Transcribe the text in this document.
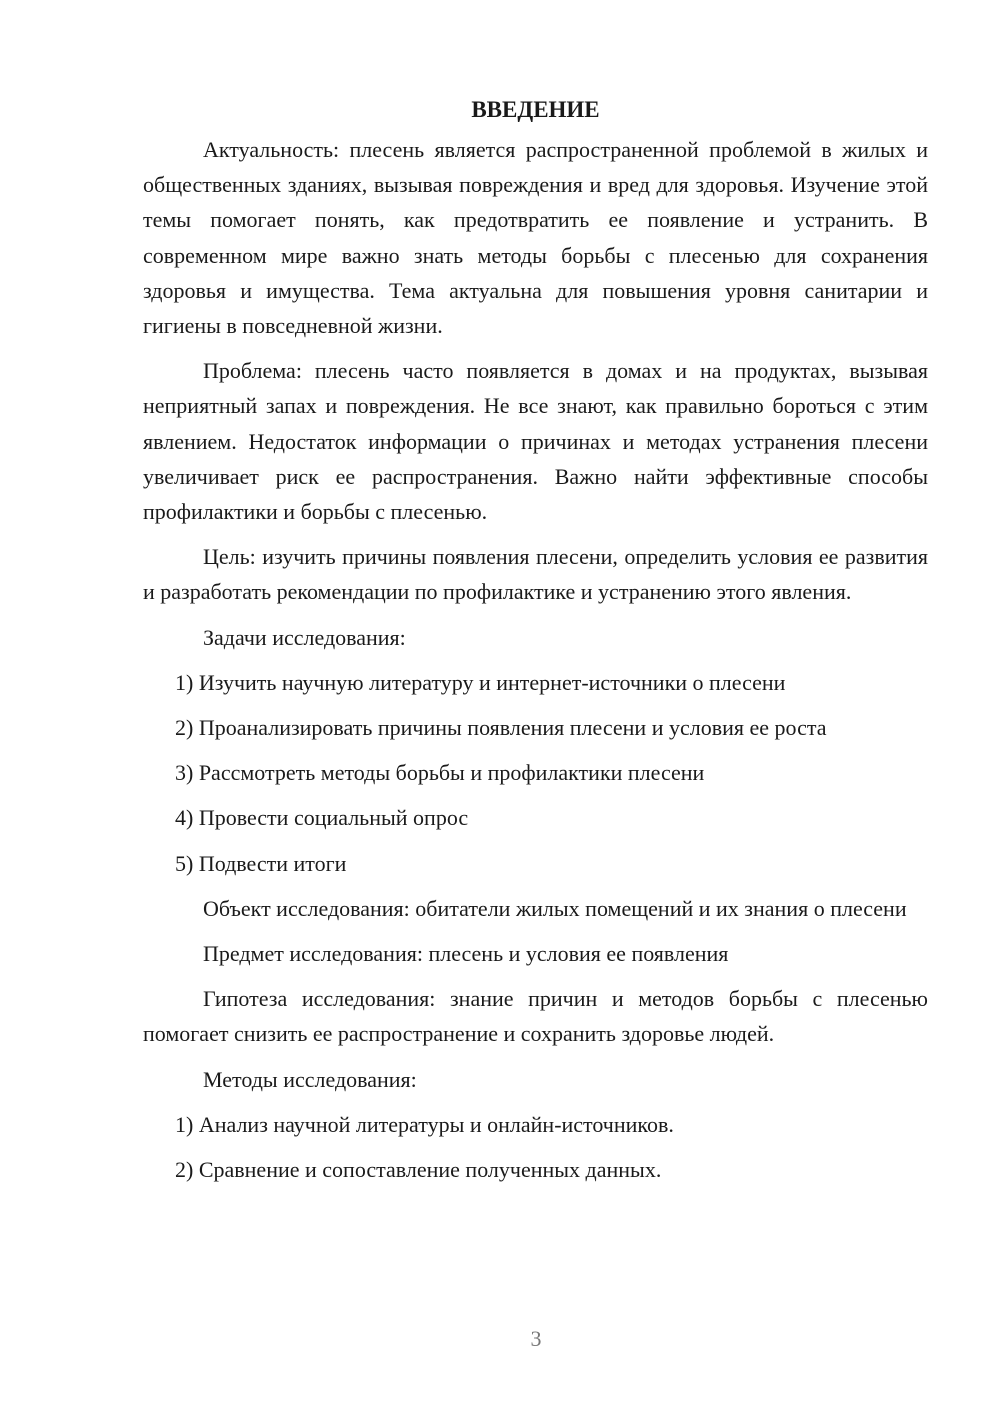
ВВЕДЕНИЕ

Актуальность: плесень является распространенной проблемой в жилых и общественных зданиях, вызывая повреждения и вред для здоровья. Изучение этой темы помогает понять, как предотвратить ее появление и устранить. В современном мире важно знать методы борьбы с плесенью для сохранения здоровья и имущества. Тема актуальна для повышения уровня санитарии и гигиены в повседневной жизни.

Проблема: плесень часто появляется в домах и на продуктах, вызывая неприятный запах и повреждения. Не все знают, как правильно бороться с этим явлением. Недостаток информации о причинах и методах устранения плесени увеличивает риск ее распространения. Важно найти эффективные способы профилактики и борьбы с плесенью.

Цель: изучить причины появления плесени, определить условия ее развития и разработать рекомендации по профилактике и устранению этого явления.

Задачи исследования:

1) Изучить научную литературу и интернет-источники о плесени
2) Проанализировать причины появления плесени и условия ее роста
3) Рассмотреть методы борьбы и профилактики плесени
4) Провести социальный опрос
5) Подвести итоги

Объект исследования: обитатели жилых помещений и их знания о плесени

Предмет исследования: плесень и условия ее появления

Гипотеза исследования: знание причин и методов борьбы с плесенью помогает снизить ее распространение и сохранить здоровье людей.

Методы исследования:

1) Анализ научной литературы и онлайн-источников.
2) Сравнение и сопоставление полученных данных.
3
